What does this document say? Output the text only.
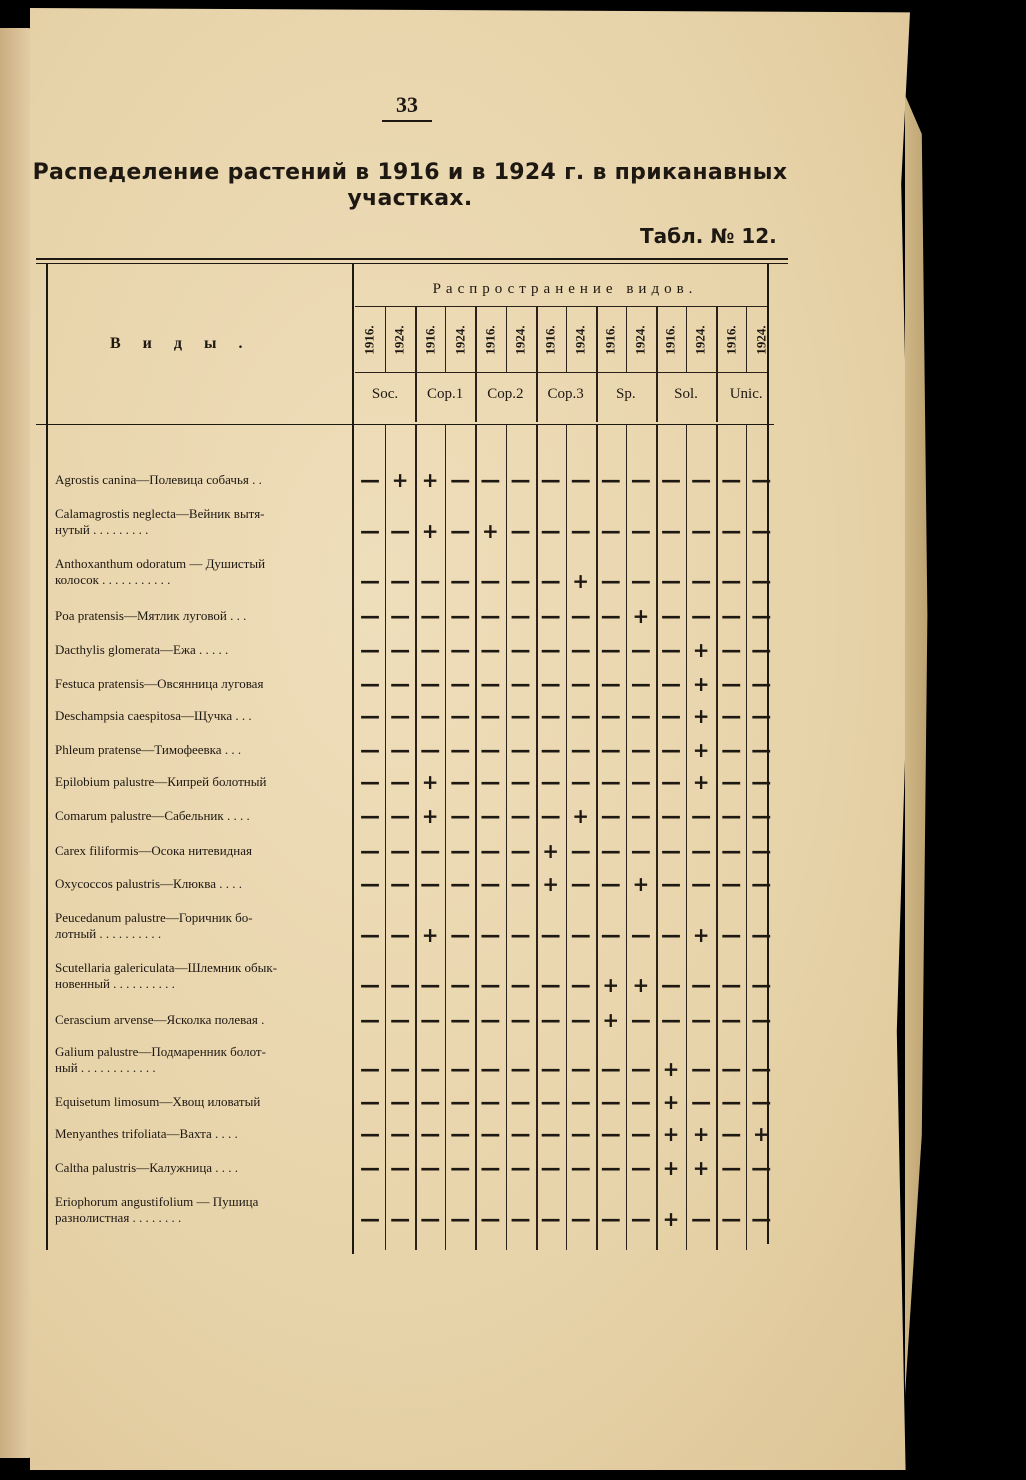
33
Распеделение растений в 1916 и в 1924 г. в приканавных
участках.
Табл. № 12.
Виды.
Распространение видов.
1916. 1924. 1916. 1924. 1916. 1924. 1916. 1924. 1916. 1924. 1916. 1924. 1916. 1924.
Soc.	Cop.1	Cop.2	Cop.3	Sp.	Sol.	Unic.
Agrostis canina—Полевица собачья . .	— + + — — — — — — — — — — —
Calamagrostis neglecta—Вейник вытя-
нутый . . . . . . . . .	— — + — + — — — — — — — — —
Anthoxanthum odoratum — Душистый
колосок . . . . . . . . . . .	— — — — — — — + — — — — — —
Poa pratensis—Мятлик луговой . . .	— — — — — — — — — + — — — —
Dacthylis glomerata—Ежа . . . . .	— — — — — — — — — — — + — —
Festuca pratensis—Овсянница луговая	— — — — — — — — — — — + — —
Deschampsia caespitosa—Щучка . . .	— — — — — — — — — — — + — —
Phleum pratense—Тимофеевка . . .	— — — — — — — — — — — + — —
Epilobium palustre—Кипрей болотный	— — + — — — — — — — — + — —
Comarum palustre—Сабельник . . . .	— — + — — — — + — — — — — —
Carex filiformis—Осока нитевидная	— — — — — — + — — — — — — —
Oxycoccos palustris—Клюква . . . .	— — — — — — + — — + — — — —
Peucedanum palustre—Горичник бо-
лотный . . . . . . . . . .	— — + — — — — — — — — + — —
Scutellaria galericulata—Шлемник обык-
новенный . . . . . . . . . .	— — — — — — — — + + — — — —
Cerascium arvense—Ясколка полевая .	— — — — — — — — + — — — — —
Galium palustre—Подмаренник болот-
ный . . . . . . . . . . . .	— — — — — — — — — — + — — —
Equisetum limosum—Хвощ иловатый	— — — — — — — — — — + — — —
Menyanthes trifoliata—Вахта . . . .	— — — — — — — — — — + + — +
Caltha palustris—Калужница . . . .	— — — — — — — — — — + + — —
Eriophorum angustifolium — Пушица
разнолистная . . . . . . . .	— — — — — — — — — — + — — —
